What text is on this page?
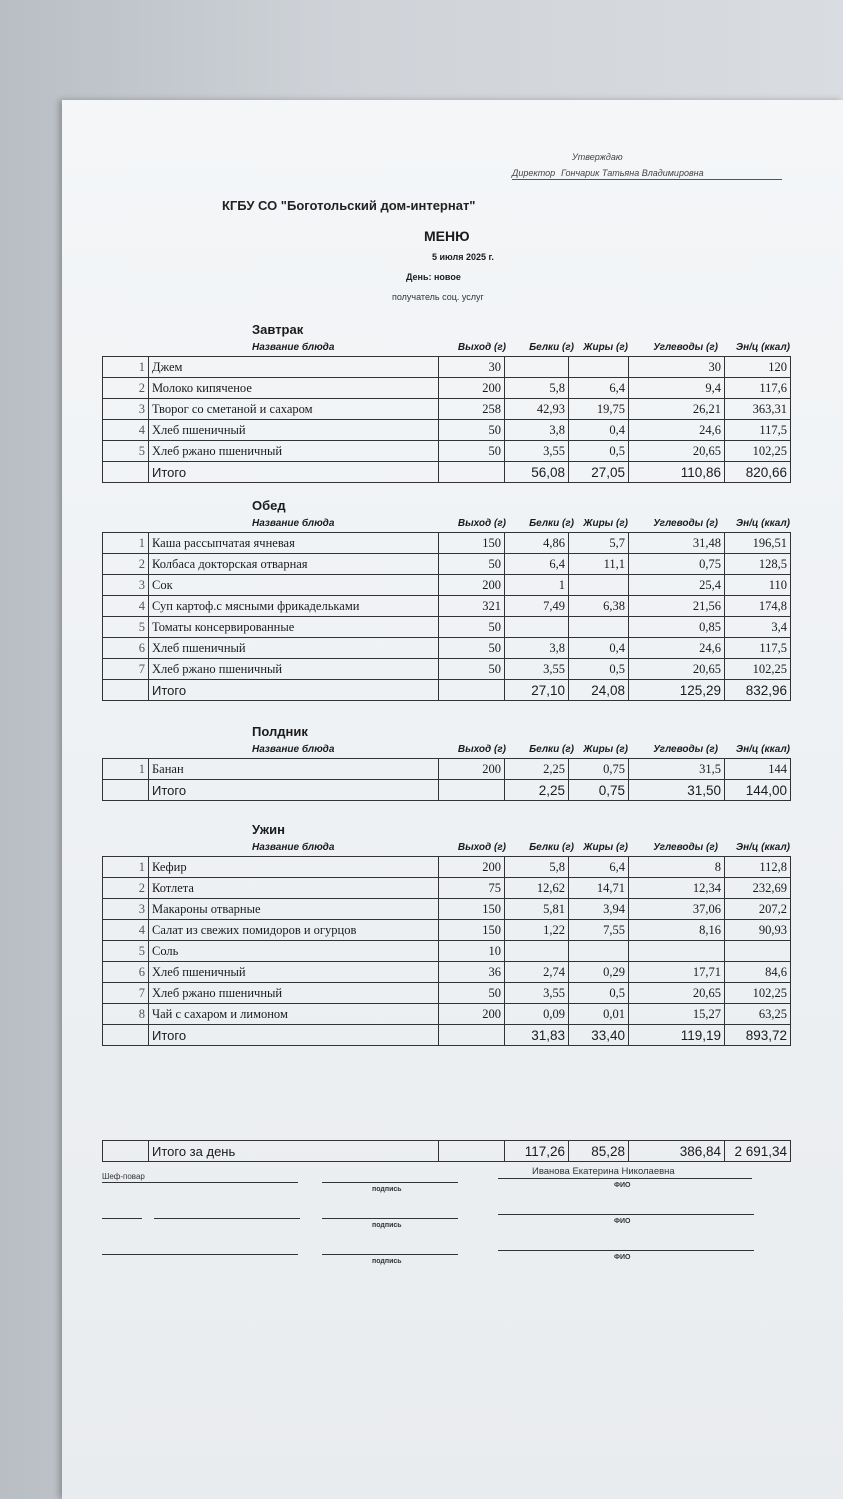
Утверждаю
Директор Гончарик Татьяна Владимировна
КГБУ СО "Боготольский дом-интернат"
МЕНЮ
5 июля 2025 г.
День: новое
получатель соц. услуг
Завтрак
Название блюда	Выход (г)	Белки (г) Жиры (г)	Углеводы (г)	Эн/ц (ккал)
1	Джем	30			30	120
2	Молоко кипяченое	200	5,8	6,4	9,4	117,6
3	Творог со сметаной и сахаром	258	42,93	19,75	26,21	363,31
4	Хлеб пшеничный	50	3,8	0,4	24,6	117,5
5	Хлеб ржано пшеничный	50	3,55	0,5	20,65	102,25
	Итого		56,08	27,05	110,86	820,66
Обед
Название блюда	Выход (г)	Белки (г) Жиры (г)	Углеводы (г)	Эн/ц (ккал)
1	Каша рассыпчатая ячневая	150	4,86	5,7	31,48	196,51
2	Колбаса докторская отварная	50	6,4	11,1	0,75	128,5
3	Сок	200	1		25,4	110
4	Суп картоф.с мясными фрикадельками	321	7,49	6,38	21,56	174,8
5	Томаты консервированные	50			0,85	3,4
6	Хлеб пшеничный	50	3,8	0,4	24,6	117,5
7	Хлеб ржано пшеничный	50	3,55	0,5	20,65	102,25
	Итого		27,10	24,08	125,29	832,96
Полдник
Название блюда	Выход (г)	Белки (г) Жиры (г)	Углеводы (г)	Эн/ц (ккал)
1	Банан	200	2,25	0,75	31,5	144
	Итого		2,25	0,75	31,50	144,00
Ужин
Название блюда	Выход (г)	Белки (г) Жиры (г)	Углеводы (г)	Эн/ц (ккал)
1	Кефир	200	5,8	6,4	8	112,8
2	Котлета	75	12,62	14,71	12,34	232,69
3	Макароны отварные	150	5,81	3,94	37,06	207,2
4	Салат из свежих помидоров и огурцов	150	1,22	7,55	8,16	90,93
5	Соль	10				
6	Хлеб пшеничный	36	2,74	0,29	17,71	84,6
7	Хлеб ржано пшеничный	50	3,55	0,5	20,65	102,25
8	Чай с сахаром и лимоном	200	0,09	0,01	15,27	63,25
	Итого		31,83	33,40	119,19	893,72
	Итого за день		117,26	85,28	386,84	2 691,34
Шеф-повар
подпись
Иванова Екатерина Николаевна
ФИО
подпись
ФИО
подпись
ФИО
